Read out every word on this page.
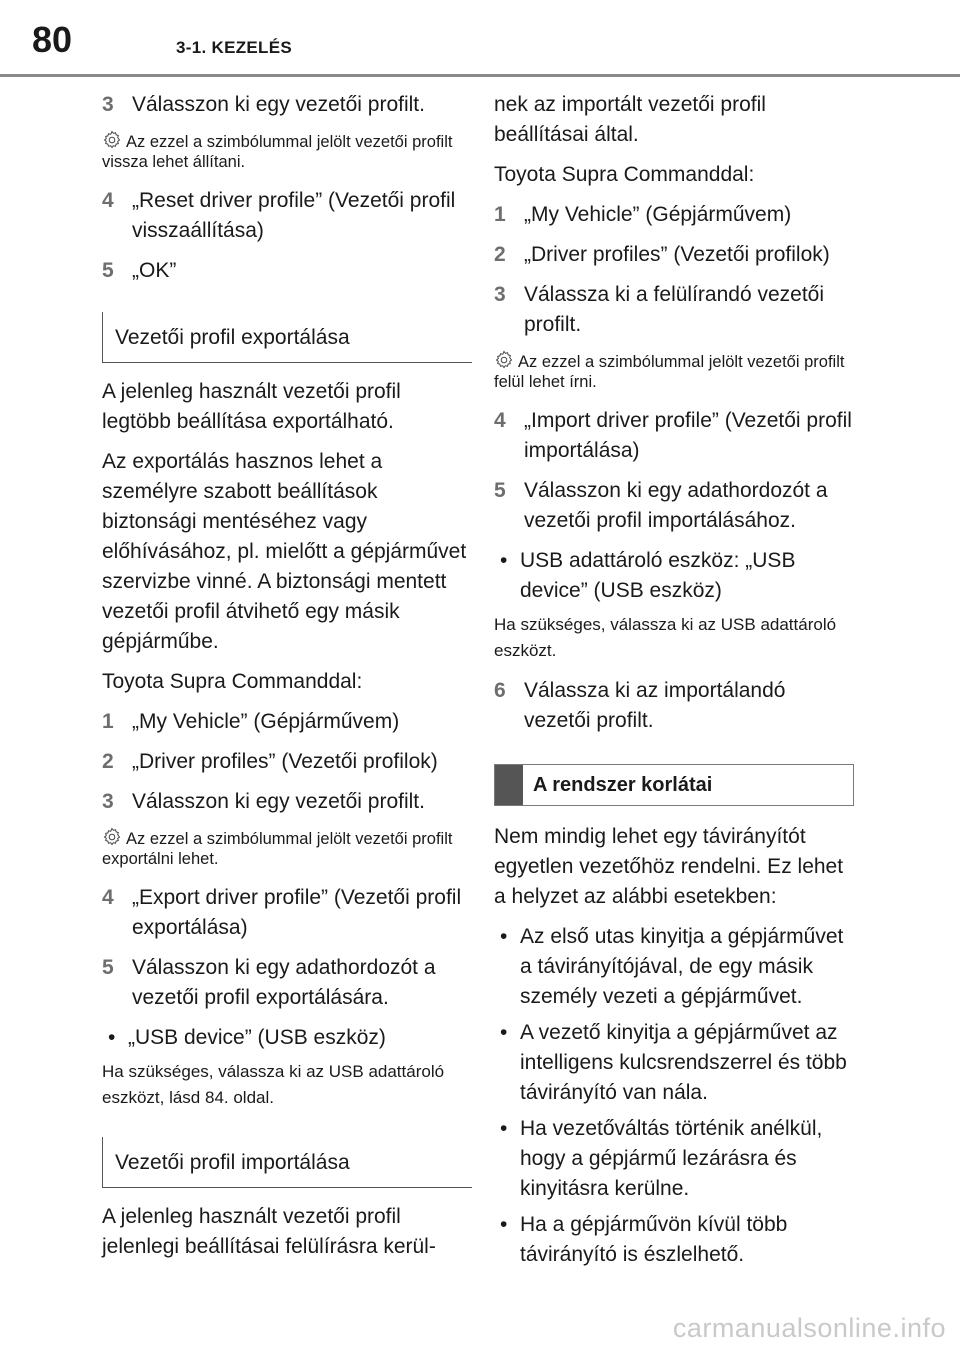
80	3-1. KEZELÉS
3 Válasszon ki egy vezetői profilt.
Az ezzel a szimbólummal jelölt vezetői profilt vissza lehet állítani.
4 „Reset driver profile” (Vezetői profil visszaállítása)
5 „OK”
Vezetői profil exportálása

A jelenleg használt vezetői profil legtöbb beállítása exportálható.

Az exportálás hasznos lehet a személyre szabott beállítások biztonsági mentéséhez vagy előhívásához, pl. mielőtt a gépjárművet szervizbe vinné. A biztonsági mentett vezetői profil átvihető egy másik gépjárműbe.

Toyota Supra Commanddal:

1 „My Vehicle” (Gépjárművem)
2 „Driver profiles” (Vezetői profilok)
3 Válasszon ki egy vezetői profilt.
Az ezzel a szimbólummal jelölt vezetői profilt exportálni lehet.
4 „Export driver profile” (Vezetői profil exportálása)
5 Válasszon ki egy adathordozót a vezetői profil exportálására.
• „USB device” (USB eszköz)

Ha szükséges, válassza ki az USB adattároló eszközt, lásd 84. oldal.

Vezetői profil importálása

A jelenleg használt vezetői profil jelenlegi beállításai felülírásra kerül-

nek az importált vezetői profil beállításai által.

Toyota Supra Commanddal:

1 „My Vehicle” (Gépjárművem)
2 „Driver profiles” (Vezetői profilok)
3 Válassza ki a felülírandó vezetői profilt.
Az ezzel a szimbólummal jelölt vezetői profilt felül lehet írni.
4 „Import driver profile” (Vezetői profil importálása)
5 Válasszon ki egy adathordozót a vezetői profil importálásához.
• USB adattároló eszköz: „USB device” (USB eszköz)

Ha szükséges, válassza ki az USB adattároló eszközt.

6 Válassza ki az importálandó vezetői profilt.
A rendszer korlátai

Nem mindig lehet egy távirányítót egyetlen vezetőhöz rendelni. Ez lehet a helyzet az alábbi esetekben:

• Az első utas kinyitja a gépjárművet a távirányítójával, de egy másik személy vezeti a gépjárművet.
• A vezető kinyitja a gépjárművet az intelligens kulcsrendszerrel és több távirányító van nála.
• Ha vezetőváltás történik anélkül, hogy a gépjármű lezárásra és kinyitásra kerülne.
• Ha a gépjárművön kívül több távirányító is észlelhető.
carmanualsonline.info
